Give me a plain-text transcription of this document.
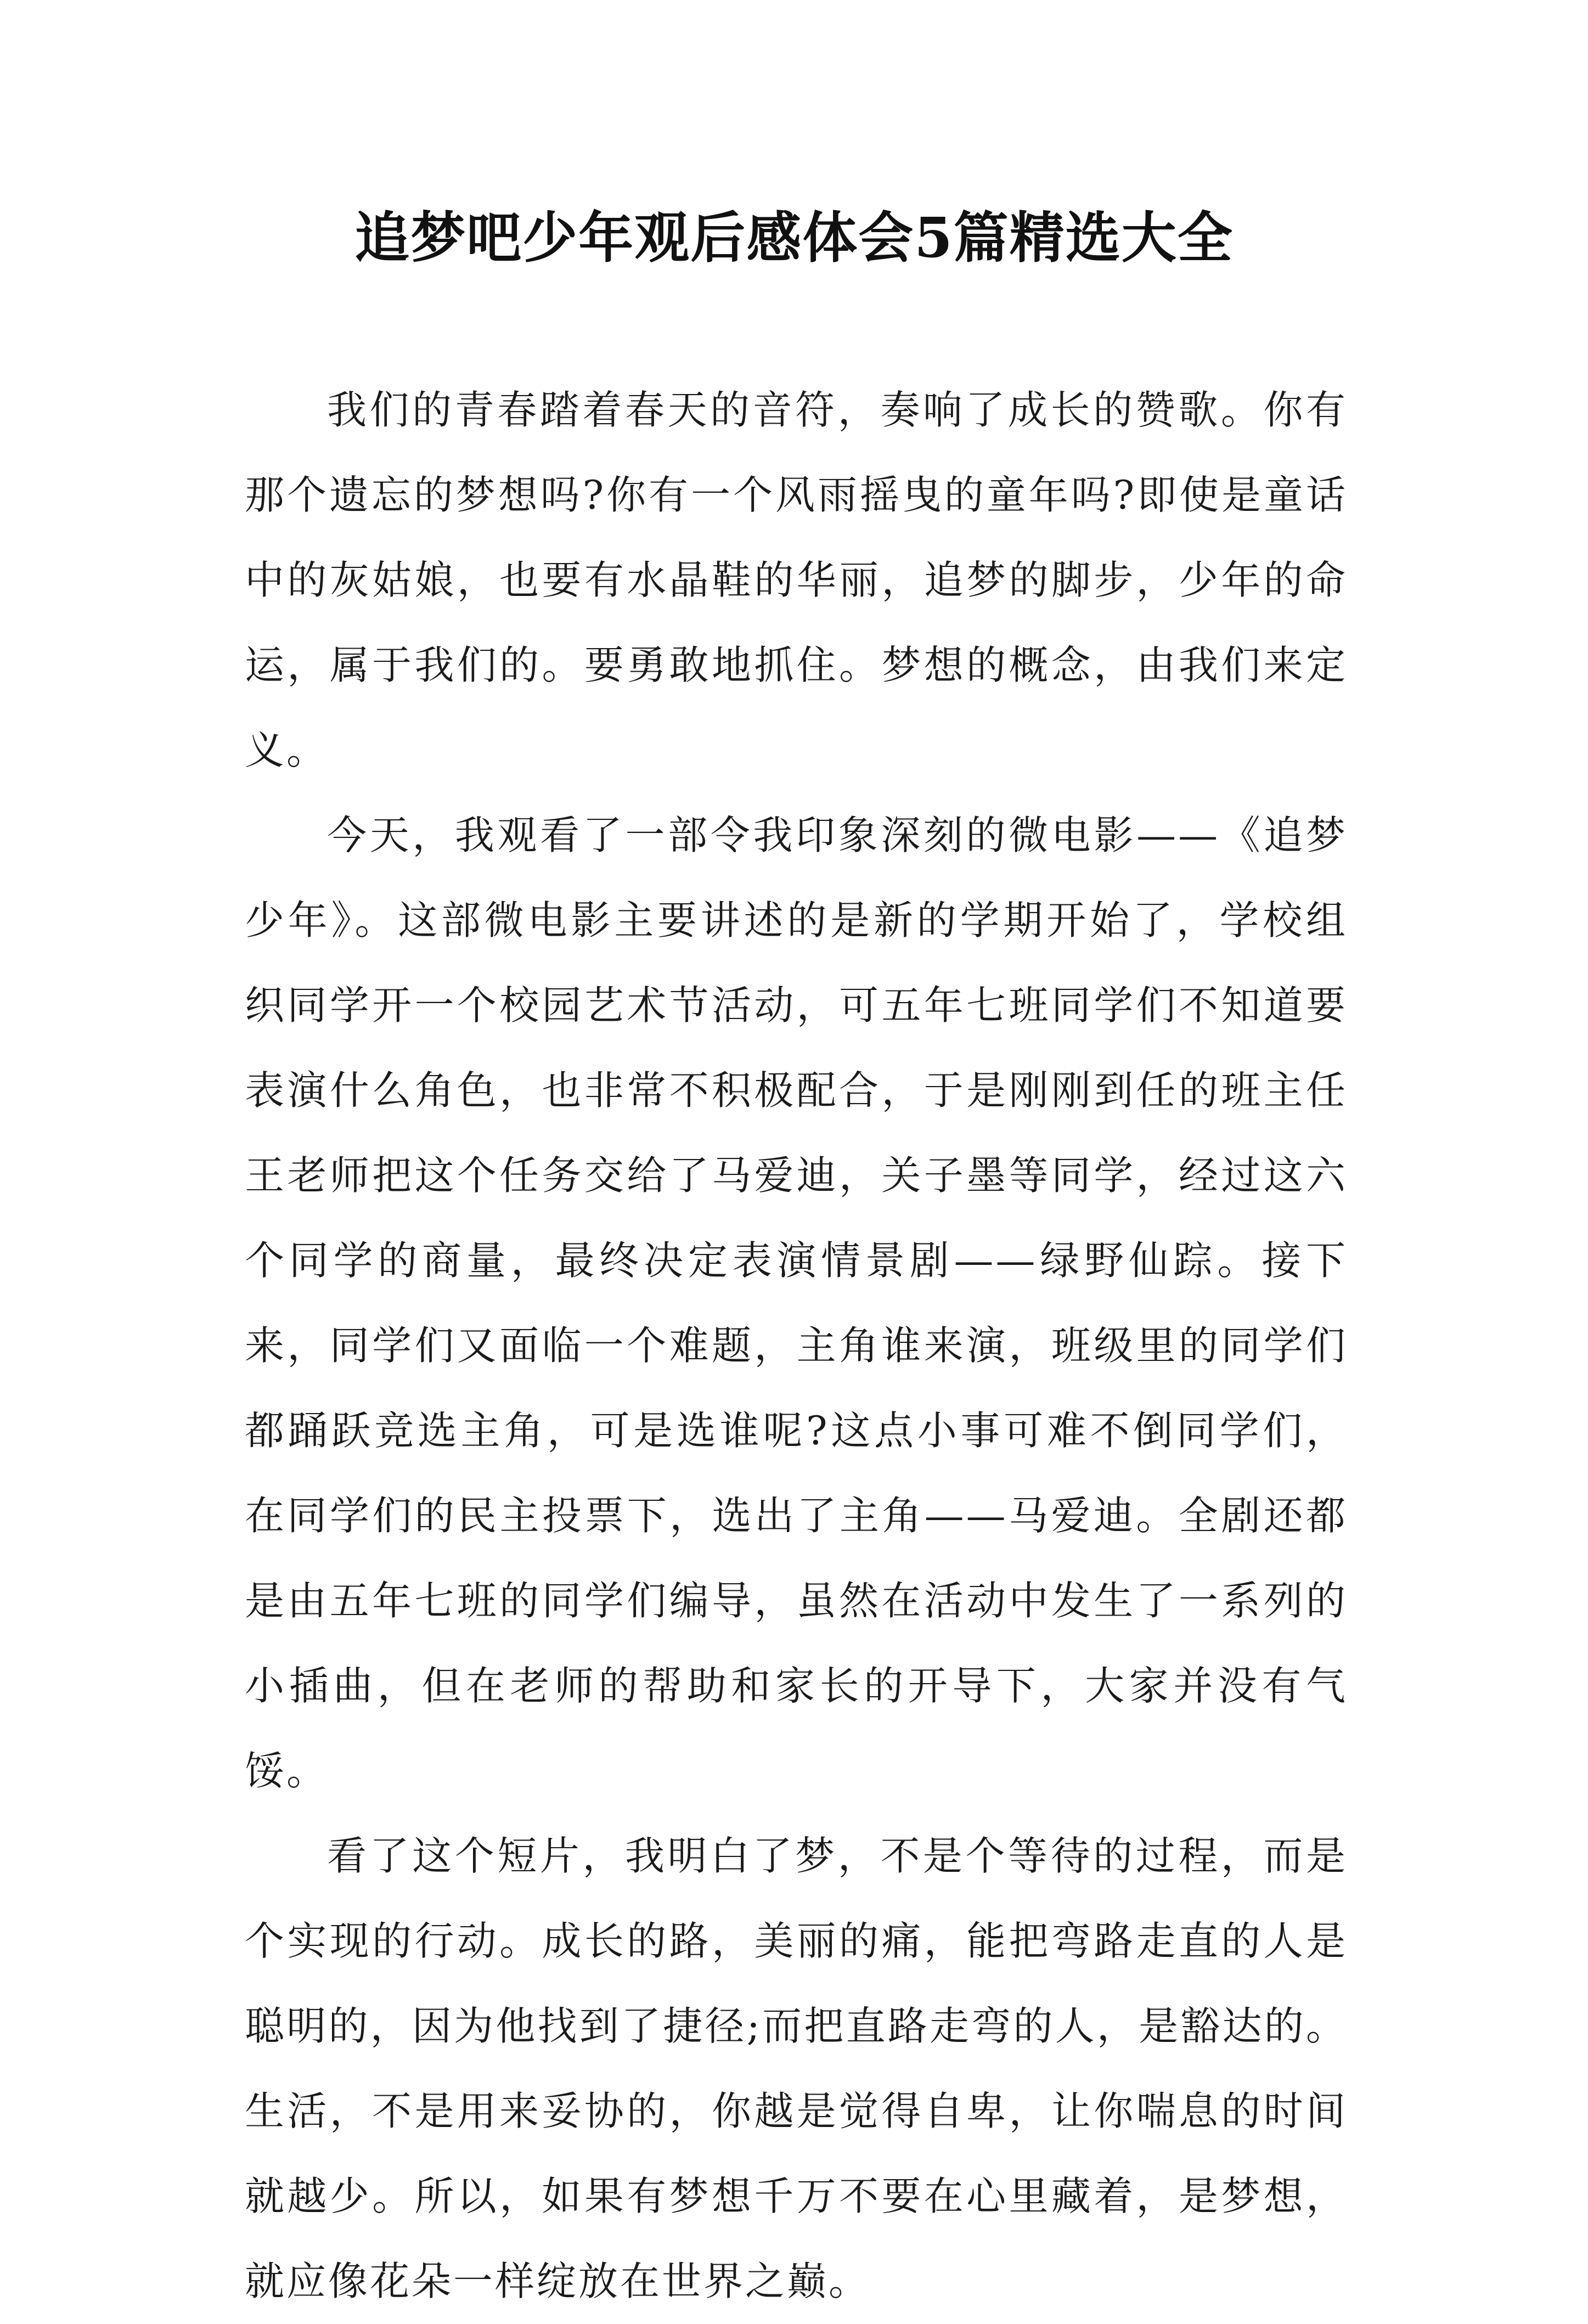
追梦吧少年观后感体会5篇精选大全

我们的青春踏着春天的音符，奏响了成长的赞歌。你有那个遗忘的梦想吗?你有一个风雨摇曳的童年吗?即使是童话中的灰姑娘，也要有水晶鞋的华丽，追梦的脚步，少年的命运，属于我们的。要勇敢地抓住。梦想的概念，由我们来定义。

今天，我观看了一部令我印象深刻的微电影——《追梦少年》。这部微电影主要讲述的是新的学期开始了，学校组织同学开一个校园艺术节活动，可五年七班同学们不知道要表演什么角色，也非常不积极配合，于是刚刚到任的班主任王老师把这个任务交给了马爱迪，关子墨等同学，经过这六个同学的商量，最终决定表演情景剧——绿野仙踪。接下来，同学们又面临一个难题，主角谁来演，班级里的同学们都踊跃竞选主角，可是选谁呢?这点小事可难不倒同学们，在同学们的民主投票下，选出了主角——马爱迪。全剧还都是由五年七班的同学们编导，虽然在活动中发生了一系列的小插曲，但在老师的帮助和家长的开导下，大家并没有气馁。

看了这个短片，我明白了梦，不是个等待的过程，而是个实现的行动。成长的路，美丽的痛，能把弯路走直的人是聪明的，因为他找到了捷径;而把直路走弯的人，是豁达的。生活，不是用来妥协的，你越是觉得自卑，让你喘息的时间就越少。所以，如果有梦想千万不要在心里藏着，是梦想，就应像花朵一样绽放在世界之巅。
